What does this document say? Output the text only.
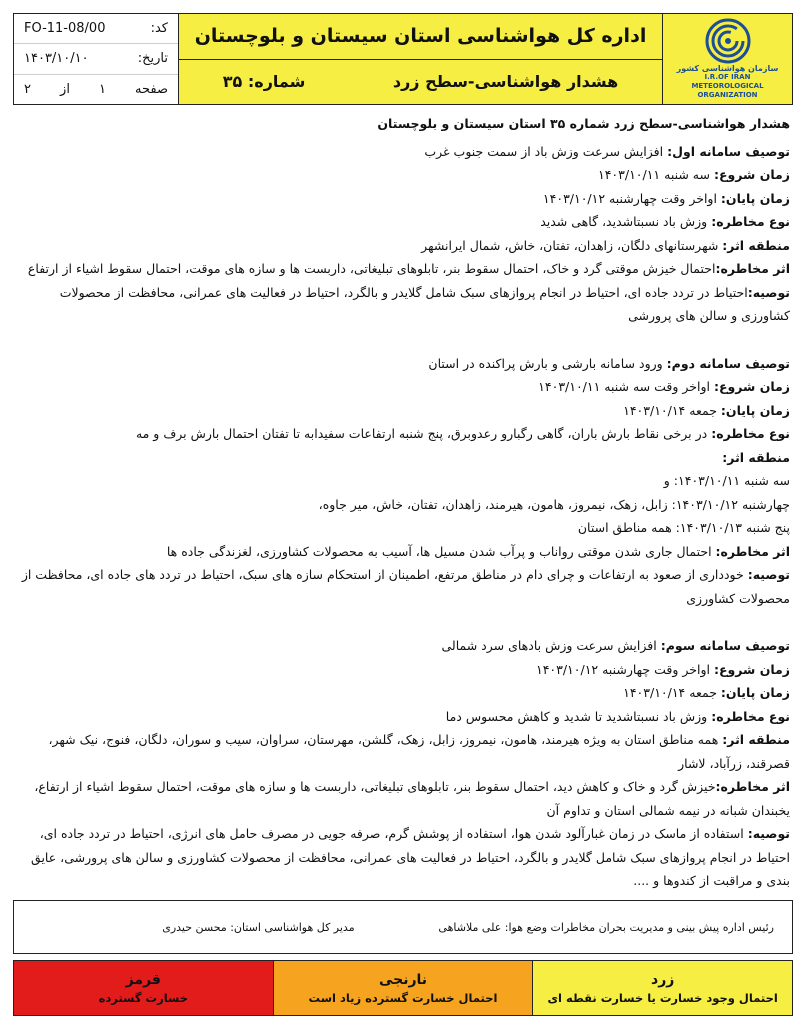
کد:
FO-11-08/00
تاریخ:
۱۴۰۳/۱۰/۱۰
صفحه
۱
از
۲
اداره کل هواشناسی استان سیستان و بلوچستان
هشدار هواشناسی-سطح زرد
شماره: ۳۵
سازمان هواشناسی کشور
I.R.OF IRAN
METEOROLOGICAL
ORGANIZATION

هشدار هواشناسی-سطح زرد شماره ۳۵ استان سیستان و بلوچستان

توصیف سامانه اول: افزایش سرعت وزش باد از سمت جنوب غرب

زمان شروع: سه شنبه ۱۴۰۳/۱۰/۱۱

زمان پایان: اواخر وقت چهارشنبه ۱۴۰۳/۱۰/۱۲

نوع مخاطره: وزش باد نسبتاشدید، گاهی شدید

منطقه اثر: شهرستانهای دلگان، زاهدان، تفتان، خاش، شمال ایرانشهر

اثر مخاطره:احتمال خیزش موقتی گرد و خاک، احتمال سقوط بنر، تابلوهای تبلیغاتی، داربست ها و سازه های موقت، احتمال سقوط اشیاء از ارتفاع

توصیه:احتیاط در تردد جاده ای، احتیاط در انجام پروازهای سبک شامل گلایدر و بالگرد، احتیاط در فعالیت های عمرانی، محافظت از محصولات کشاورزی و سالن های پرورشی

توصیف سامانه دوم: ورود سامانه بارشی و بارش پراکنده در استان

زمان شروع: اواخر وقت سه شنبه ۱۴۰۳/۱۰/۱۱

زمان پایان: جمعه ۱۴۰۳/۱۰/۱۴

نوع مخاطره: در برخی نقاط بارش باران، گاهی رگبارو رعدوبرق، پنج شنبه ارتفاعات سفیدابه تا تفتان احتمال بارش برف و مه

منطقه اثر:

سه شنبه ۱۴۰۳/۱۰/۱۱: و

چهارشنبه ۱۴۰۳/۱۰/۱۲: زابل، زهک، نیمروز، هامون، هیرمند، زاهدان، تفتان، خاش، میر جاوه،

پنج شنبه ۱۴۰۳/۱۰/۱۳: همه مناطق استان

اثر مخاطره: احتمال جاری شدن موقتی رواناب و پرآب شدن مسیل ها، آسیب به محصولات کشاورزی، لغزندگی جاده ها

توصیه: خودداری از صعود به ارتفاعات و چرای دام در مناطق مرتفع، اطمینان از استحکام سازه های سبک، احتیاط در تردد های جاده ای، محافظت از محصولات کشاورزی

توصیف سامانه سوم: افزایش سرعت وزش بادهای سرد شمالی

زمان شروع: اواخر وقت چهارشنبه ۱۴۰۳/۱۰/۱۲

زمان پایان: جمعه ۱۴۰۳/۱۰/۱۴

نوع مخاطره: وزش باد نسبتاشدید تا شدید و کاهش محسوس دما

منطقه اثر: همه مناطق استان به ویژه هیرمند، هامون، نیمروز، زابل، زهک، گلشن، مهرستان، سراوان، سیب و سوران، دلگان، فنوج، نیک شهر، قصرقند، زرآباد، لاشار

اثر مخاطره:خیزش گرد و خاک و کاهش دید، احتمال سقوط بنر، تابلوهای تبلیغاتی، داربست ها و سازه های موقت، احتمال سقوط اشیاء از ارتفاع، یخبندان شبانه در نیمه شمالی استان و تداوم آن

توصیه: استفاده از ماسک در زمان غبارآلود شدن هوا، استفاده از پوشش گرم، صرفه جویی در مصرف حامل های انرژی، احتیاط در تردد جاده ای، احتیاط در انجام پروازهای سبک شامل گلایدر و بالگرد، احتیاط در فعالیت های عمرانی، محافظت از محصولات کشاورزی و سالن های پرورشی، عایق بندی و مراقبت از کندوها و ....

رئیس اداره پیش بینی و مدیریت بحران مخاطرات وضع هوا: علی ملاشاهی
مدیر کل هواشناسی استان: محسن حیدری
زرد
احتمال وجود خسارت یا خسارت نقطه ای
نارنجی
احتمال خسارت گسترده زیاد است
قرمز
خسارت گسترده
